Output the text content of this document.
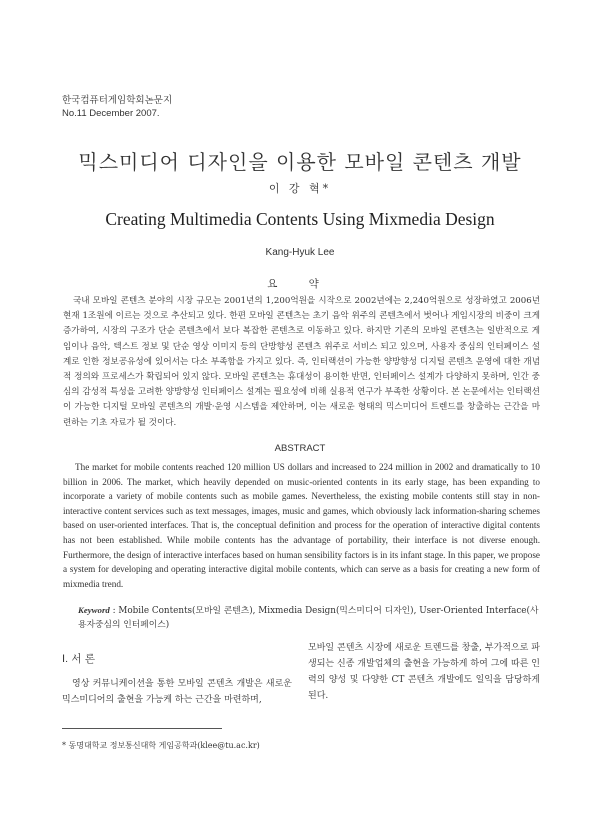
한국컴퓨터게임학회논문지
No.11 December 2007.
믹스미디어 디자인을 이용한 모바일 콘텐츠 개발
이 강 혁*
Creating Multimedia Contents Using Mixmedia Design
Kang-Hyuk Lee
요 약
국내 모바일 콘텐츠 분야의 시장 규모는 2001년의 1,200억원을 시작으로 2002년에는 2,240억원으로 성장하였고 2006년 현재 1조원에 이르는 것으로 추산되고 있다. 한편 모바일 콘텐츠는 초기 음악 위주의 콘텐츠에서 벗어나 게임시장의 비중이 크게 증가하여, 시장의 구조가 단순 콘텐츠에서 보다 복잡한 콘텐츠로 이동하고 있다. 하지만 기존의 모바일 콘텐츠는 일반적으로 게임이나 음악, 텍스트 정보 및 단순 영상 이미지 등의 단방향성 콘텐츠 위주로 서비스 되고 있으며, 사용자 중심의 인터페이스 설계로 인한 정보공유성에 있어서는 다소 부족함을 가지고 있다. 즉, 인터랙션이 가능한 양방향성 디지털 콘텐츠 운영에 대한 개념적 정의와 프로세스가 확립되어 있지 않다. 모바일 콘텐츠는 휴대성이 용이한 반면, 인터페이스 설계가 다양하지 못하며, 인간 중심의 감성적 특성을 고려한 양방향성 인터페이스 설계는 필요성에 비해 실용적 연구가 부족한 상황이다. 본 논문에서는 인터랙션이 가능한 디지털 모바일 콘텐츠의 개발·운영 시스템을 제안하며, 이는 새로운 형태의 믹스미디어 트렌드를 창출하는 근간을 마련하는 기초 자료가 될 것이다.
ABSTRACT
The market for mobile contents reached 120 million US dollars and increased to 224 million in 2002 and dramatically to 10 billion in 2006. The market, which heavily depended on music-oriented contents in its early stage, has been expanding to incorporate a variety of mobile contents such as mobile games. Nevertheless, the existing mobile contents still stay in non-interactive content services such as text messages, images, music and games, which obviously lack information-sharing schemes based on user-oriented interfaces. That is, the conceptual definition and process for the operation of interactive digital contents has not been established. While mobile contents has the advantage of portability, their interface is not diverse enough. Furthermore, the design of interactive interfaces based on human sensibility factors is in its infant stage. In this paper, we propose a system for developing and operating interactive digital mobile contents, which can serve as a basis for creating a new form of mixmedia trend.
Keyword : Mobile Contents(모바일 콘텐츠), Mixmedia Design(믹스미디어 디자인), User-Oriented Interface(사용자중심의 인터페이스)
Ⅰ. 서 론
영상 커뮤니케이션을 통한 모바일 콘텐츠 개발은 새로운 믹스미디어의 출현을 가능케 하는 근간을 마련하며,
모바일 콘텐츠 시장에 새로운 트렌드를 창출, 부가적으로 파생되는 신종 개발업체의 출현을 가능하게 하여 그에 따른 인력의 양성 및 다양한 CT 콘텐츠 개발에도 일익을 담당하게 된다.
* 동명대학교 정보통신대학 게임공학과(klee@tu.ac.kr)
